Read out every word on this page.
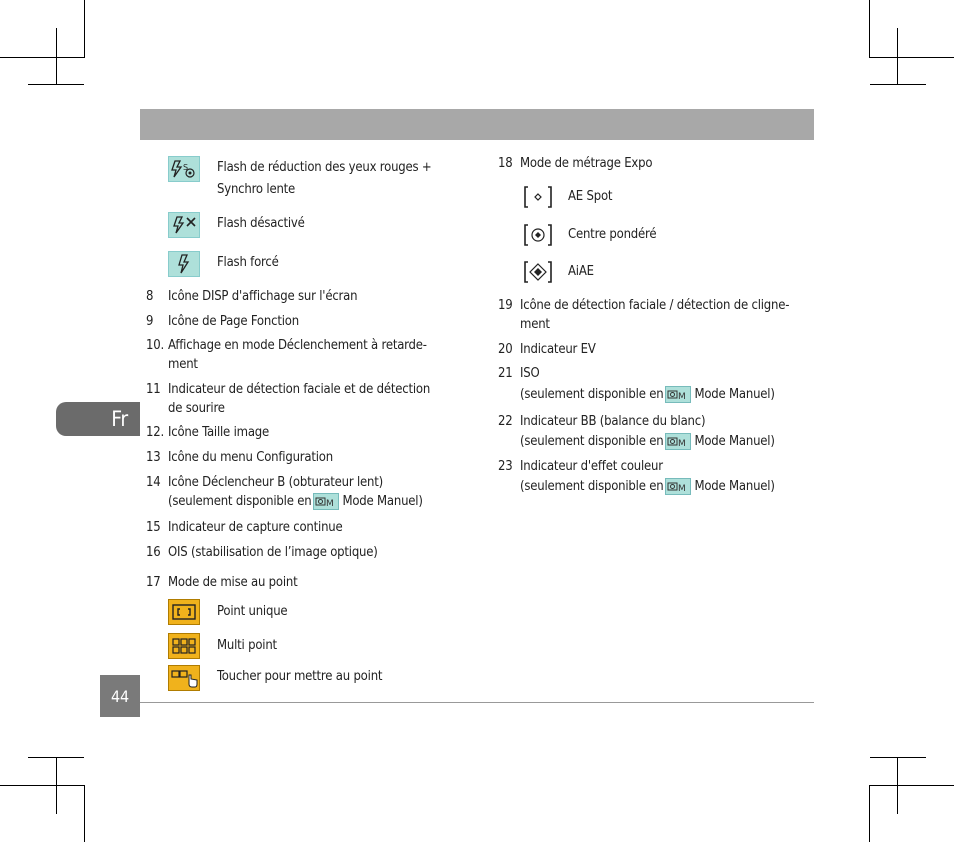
44
Fr
S Flash de réduction des yeux rouges +
Synchro lente
Flash désactivé
Flash forcé
8 Icône DISP d'affichage sur l'écran
9 Icône de Page Fonction
10. Affichage en mode Déclenchement à retarde-
ment
11 Indicateur de détection faciale et de détection
de sourire
12. Icône Taille image
13 Icône du menu Configuration
14 Icône Déclencheur B (obturateur lent)
(seulement disponible en M Mode Manuel)
15 Indicateur de capture continue
16 OIS (stabilisation de l’image optique)
17 Mode de mise au point
Point unique
Multi point
Toucher pour mettre au point
18 Mode de métrage Expo
AE Spot
Centre pondéré
AiAE
19 Icône de détection faciale / détection de cligne-
ment
20 Indicateur EV
21 ISO
(seulement disponible en M Mode Manuel)
22 Indicateur BB (balance du blanc)
(seulement disponible en M Mode Manuel)
23 Indicateur d'effet couleur
(seulement disponible en M Mode Manuel)
